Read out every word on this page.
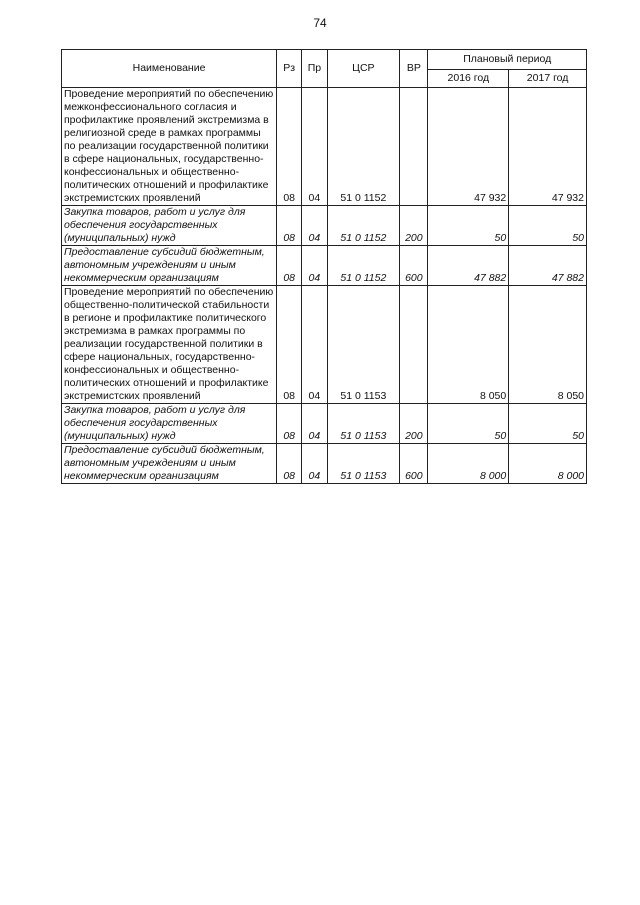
74
Наименование	Рз	Пр	ЦСР	ВР	Плановый период	
					2016 год	2017 год
Проведение мероприятий по обеспечению межконфессионального согласия и профилактике проявлений экстремизма в религиозной среде в рамках программы по реализации государственной политики в сфере национальных, государственно-конфессиональных и общественно-политических отношений и профилактике экстремистских проявлений	08	04	51 0 1152		47 932	47 932
Закупка товаров, работ и услуг для обеспечения государственных (муниципальных) нужд	08	04	51 0 1152	200	50	50
Предоставление субсидий бюджетным, автономным учреждениям и иным некоммерческим организациям	08	04	51 0 1152	600	47 882	47 882
Проведение мероприятий по обеспечению общественно-политической стабильности в регионе и профилактике политического экстремизма в рамках программы по реализации государственной политики в сфере национальных, государственно-конфессиональных и общественно-политических отношений и профилактике экстремистских проявлений	08	04	51 0 1153		8 050	8 050
Закупка товаров, работ и услуг для обеспечения государственных (муниципальных) нужд	08	04	51 0 1153	200	50	50
Предоставление субсидий бюджетным, автономным учреждениям и иным некоммерческим организациям	08	04	51 0 1153	600	8 000	8 000
